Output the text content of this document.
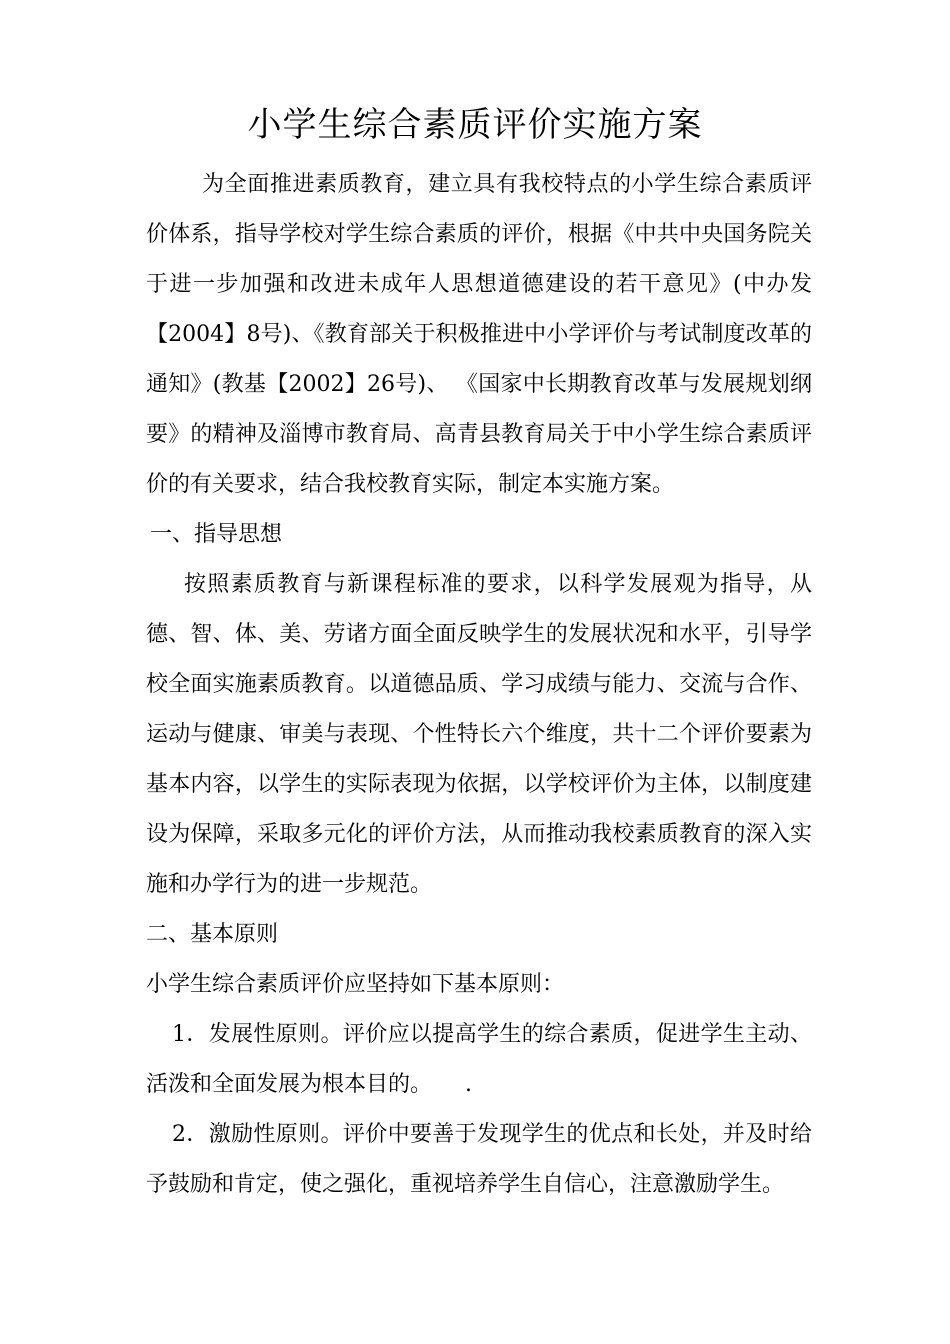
小学生综合素质评价实施方案

为全面推进素质教育，建立具有我校特点的小学生综合素质评价体系，指导学校对学生综合素质的评价，根据《中共中央国务院关于进一步加强和改进未成年人思想道德建设的若干意见》(中办发【2004】8号)、《教育部关于积极推进中小学评价与考试制度改革的通知》(教基【2002】26号)、 《国家中长期教育改革与发展规划纲要》的精神及淄博市教育局、高青县教育局关于中小学生综合素质评价的有关要求，结合我校教育实际，制定本实施方案。

一、指导思想

按照素质教育与新课程标准的要求，以科学发展观为指导，从德、智、体、美、劳诸方面全面反映学生的发展状况和水平，引导学校全面实施素质教育。以道德品质、学习成绩与能力、交流与合作、运动与健康、审美与表现、个性特长六个维度，共十二个评价要素为基本内容，以学生的实际表现为依据，以学校评价为主体，以制度建设为保障，采取多元化的评价方法，从而推动我校素质教育的深入实施和办学行为的进一步规范。

二、基本原则

小学生综合素质评价应坚持如下基本原则：

1．发展性原则。评价应以提高学生的综合素质，促进学生主动、活泼和全面发展为根本目的。　　.

2．激励性原则。评价中要善于发现学生的优点和长处，并及时给予鼓励和肯定，使之强化，重视培养学生自信心，注意激励学生。
